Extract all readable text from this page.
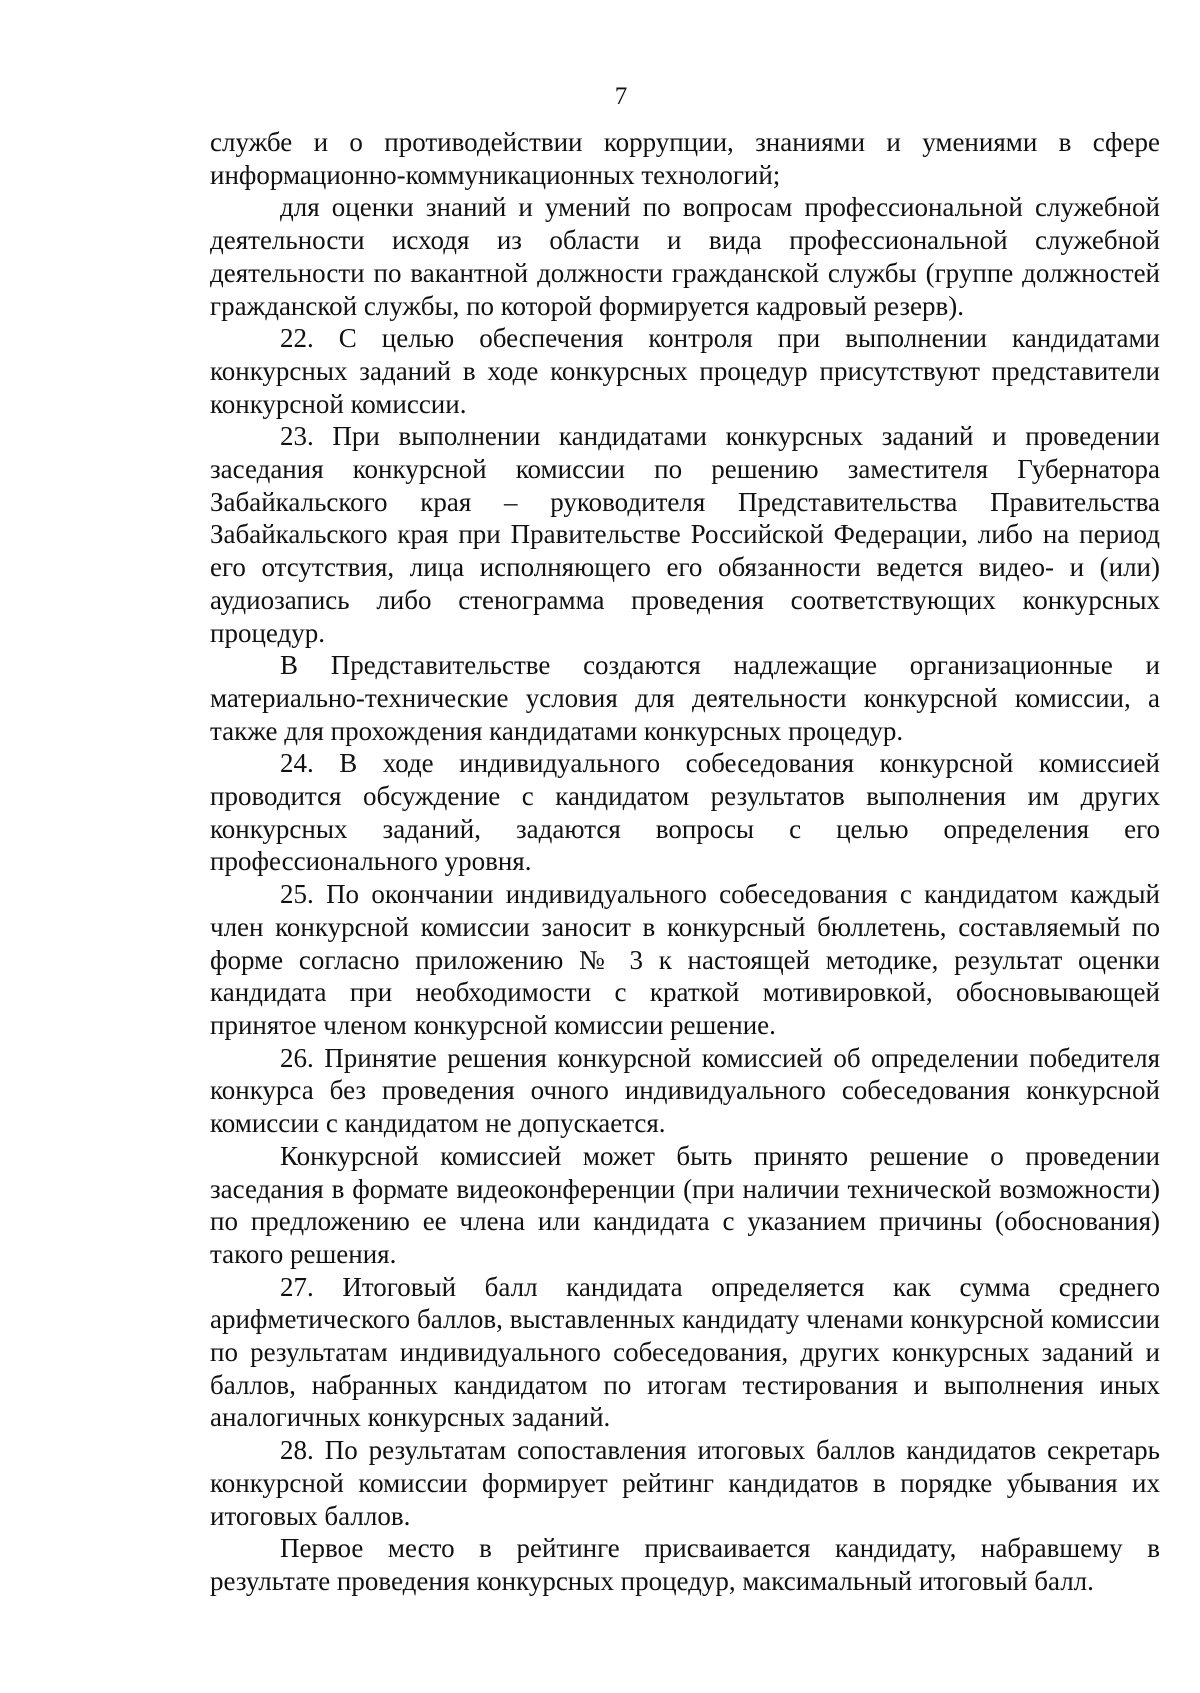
7

службе и о противодействии коррупции, знаниями и умениями в сфере информационно-коммуникационных технологий;

для оценки знаний и умений по вопросам профессиональной служебной деятельности исходя из области и вида профессиональной служебной деятельности по вакантной должности гражданской службы (группе должностей гражданской службы, по которой формируется кадровый резерв).

22. С целью обеспечения контроля при выполнении кандидатами конкурсных заданий в ходе конкурсных процедур присутствуют представители конкурсной комиссии.

23. При выполнении кандидатами конкурсных заданий и проведении заседания конкурсной комиссии по решению заместителя Губернатора Забайкальского края – руководителя Представительства Правительства Забайкальского края при Правительстве Российской Федерации, либо на период его отсутствия, лица исполняющего его обязанности ведется видео- и (или) аудиозапись либо стенограмма проведения соответствующих конкурсных процедур.

В Представительстве создаются надлежащие организационные и материально-технические условия для деятельности конкурсной комиссии, а также для прохождения кандидатами конкурсных процедур.

24. В ходе индивидуального собеседования конкурсной комиссией проводится обсуждение с кандидатом результатов выполнения им других конкурсных заданий, задаются вопросы с целью определения его профессионального уровня.

25. По окончании индивидуального собеседования с кандидатом каждый член конкурсной комиссии заносит в конкурсный бюллетень, составляемый по форме согласно приложению № 3 к настоящей методике, результат оценки кандидата при необходимости с краткой мотивировкой, обосновывающей принятое членом конкурсной комиссии решение.

26. Принятие решения конкурсной комиссией об определении победителя конкурса без проведения очного индивидуального собеседования конкурсной комиссии с кандидатом не допускается.

Конкурсной комиссией может быть принято решение о проведении заседания в формате видеоконференции (при наличии технической возможности) по предложению ее члена или кандидата с указанием причины (обоснования) такого решения.

27. Итоговый балл кандидата определяется как сумма среднего арифметического баллов, выставленных кандидату членами конкурсной комиссии по результатам индивидуального собеседования, других конкурсных заданий и баллов, набранных кандидатом по итогам тестирования и выполнения иных аналогичных конкурсных заданий.

28. По результатам сопоставления итоговых баллов кандидатов секретарь конкурсной комиссии формирует рейтинг кандидатов в порядке убывания их итоговых баллов.

Первое место в рейтинге присваивается кандидату, набравшему в результате проведения конкурсных процедур, максимальный итоговый балл.
